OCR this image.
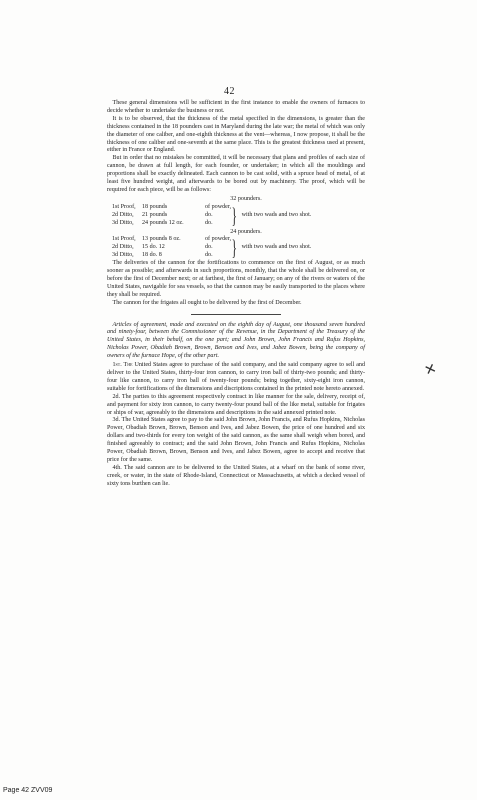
42

These general dimensions will be sufficient in the first instance to enable the owners of furnaces to decide whether to undertake the business or not.

It is to be observed, that the thickness of the metal specified in the dimensions, is greater than the thickness contained in the 18 pounders cast in Maryland during the late war; the metal of which was only the diameter of one caliber, and one-eighth thickness at the vent—whereas, I now propose, it shall be the thickness of one caliber and one-seventh at the same place. This is the greatest thickness used at present, either in France or England.

But in order that no mistakes be committed, it will be necessary that plans and profiles of each size of cannon, be drawn at full length, for each founder, or undertaker; in which all the mouldings and proportions shall be exactly delineated. Each cannon to be cast solid, with a spruce head of metal, of at least five hundred weight, and afterwards to be bored out by machinery. The proof, which will be required for each piece, will be as follows:

32 pounders.
1st Proof,	18 pounds	of powder,
2d Ditto,	21 pounds	do.
3d Ditto,	24 pounds 12 oz.	do. } with two wads and two shot.
24 pounders.
1st Proof,	13 pounds 8 oz.	of powder,
2d Ditto,	15 do. 12	do.
3d Ditto,	18 do. 8	do. } with two wads and two shot.

The deliveries of the cannon for the fortifications to commence on the first of August, or as much sooner as possible; and afterwards in such proportions, monthly, that the whole shall be delivered on, or before the first of December next; or at farthest, the first of January; on any of the rivers or waters of the United States, navigable for sea vessels, so that the cannon may be easily transported to the places where they shall be required.

The cannon for the frigates all ought to be delivered by the first of December.

Articles of agreement, made and executed on the eighth day of August, one thousand seven hundred and ninety-four, between the Commissioner of the Revenue, in the Department of the Treasury of the United States, in their behalf, on the one part; and John Brown, John Francis and Rufus Hopkins, Nicholas Power, Obadiah Brown, Brown, Benson and Ives, and Jabez Bowen, being the company of owners of the furnace Hope, of the other part.

1st. The United States agree to purchase of the said company, and the said company agree to sell and deliver to the United States, thirty-four iron cannon, to carry iron ball of thirty-two pounds; and thirty-four like cannon, to carry iron ball of twenty-four pounds; being together, sixty-eight iron cannon, suitable for fortifications of the dimensions and discriptions contained in the printed note hereto annexed.

2d. The parties to this agreement respectively contract in like manner for the sale, delivery, receipt of, and payment for sixty iron cannon, to carry twenty-four pound ball of the like metal, suitable for frigates or ships of war, agreeably to the dimensions and descriptions in the said annexed printed note.

3d. The United States agree to pay to the said John Brown, John Francis, and Rufus Hopkins, Nicholas Power, Obadiah Brown, Brown, Benson and Ives, and Jabez Bowen, the price of one hundred and six dollars and two-thirds for every ton weight of the said cannon, as the same shall weigh when bored, and finished agreeably to contract; and the said John Brown, John Francis and Rufus Hopkins, Nicholas Power, Obadiah Brown, Brown, Benson and Ives, and Jabez Bowen, agree to accept and receive that price for the same.

4th. The said cannon are to be delivered to the United States, at a wharf on the bank of some river, creek, or water, in the state of Rhode-Island, Connecticut or Massachusetts, at which a decked vessel of sixty tons burthen can lie.

✕
Page 42 ZVV09
